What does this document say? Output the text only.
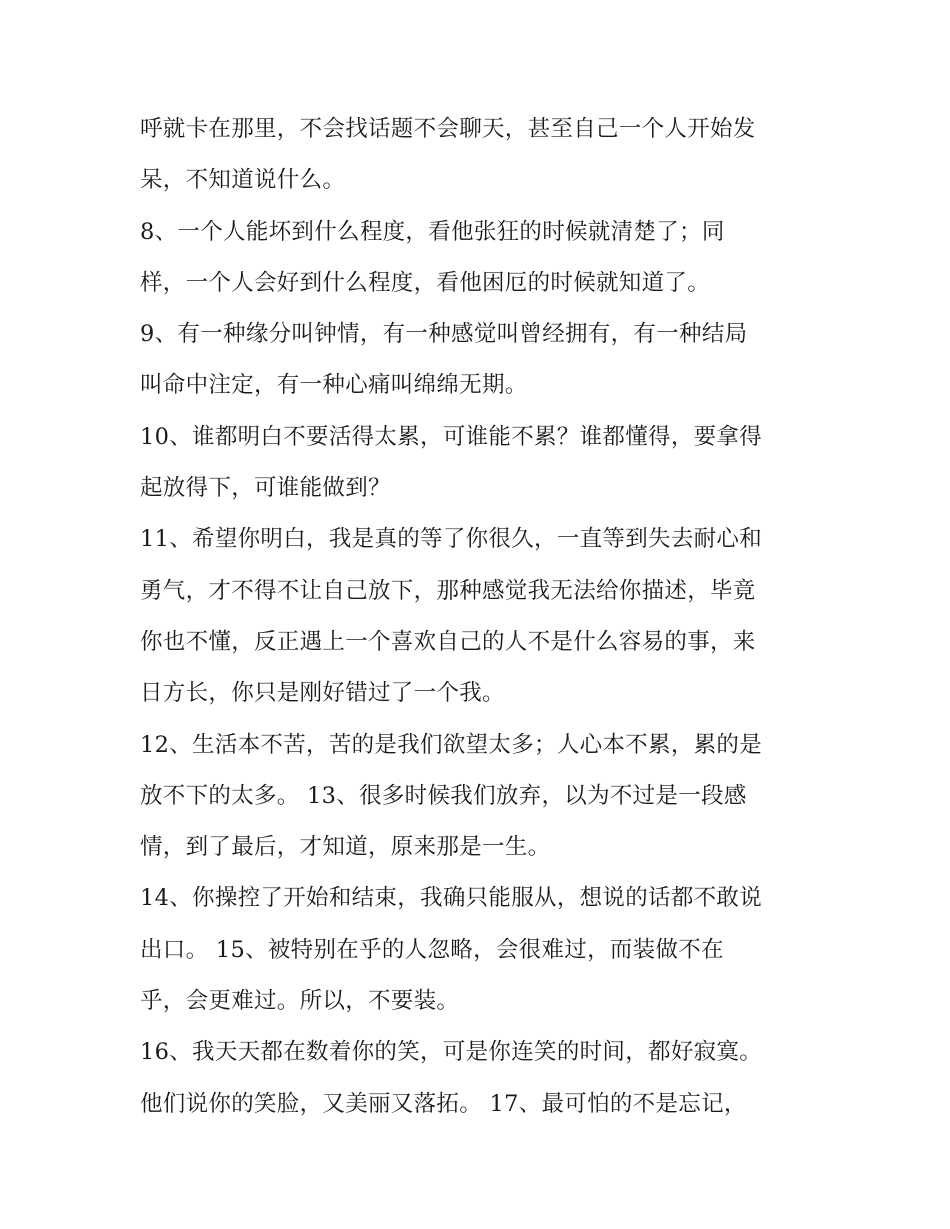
呼就卡在那里，不会找话题不会聊天，甚至自己一个人开始发
呆，不知道说什么。
8、一个人能坏到什么程度，看他张狂的时候就清楚了；同
样，一个人会好到什么程度，看他困厄的时候就知道了。
9、有一种缘分叫钟情，有一种感觉叫曾经拥有，有一种结局
叫命中注定，有一种心痛叫绵绵无期。
10、谁都明白不要活得太累，可谁能不累？谁都懂得，要拿得
起放得下，可谁能做到？
11、希望你明白，我是真的等了你很久，一直等到失去耐心和
勇气，才不得不让自己放下，那种感觉我无法给你描述，毕竟
你也不懂，反正遇上一个喜欢自己的人不是什么容易的事，来
日方长，你只是刚好错过了一个我。
12、生活本不苦，苦的是我们欲望太多；人心本不累，累的是
放不下的太多。 13、很多时候我们放弃，以为不过是一段感
情，到了最后，才知道，原来那是一生。
14、你操控了开始和结束，我确只能服从，想说的话都不敢说
出口。 15、被特别在乎的人忽略，会很难过，而装做不在
乎，会更难过。所以，不要装。
16、我天天都在数着你的笑，可是你连笑的时间，都好寂寞。
他们说你的笑脸，又美丽又落拓。 17、最可怕的不是忘记，
